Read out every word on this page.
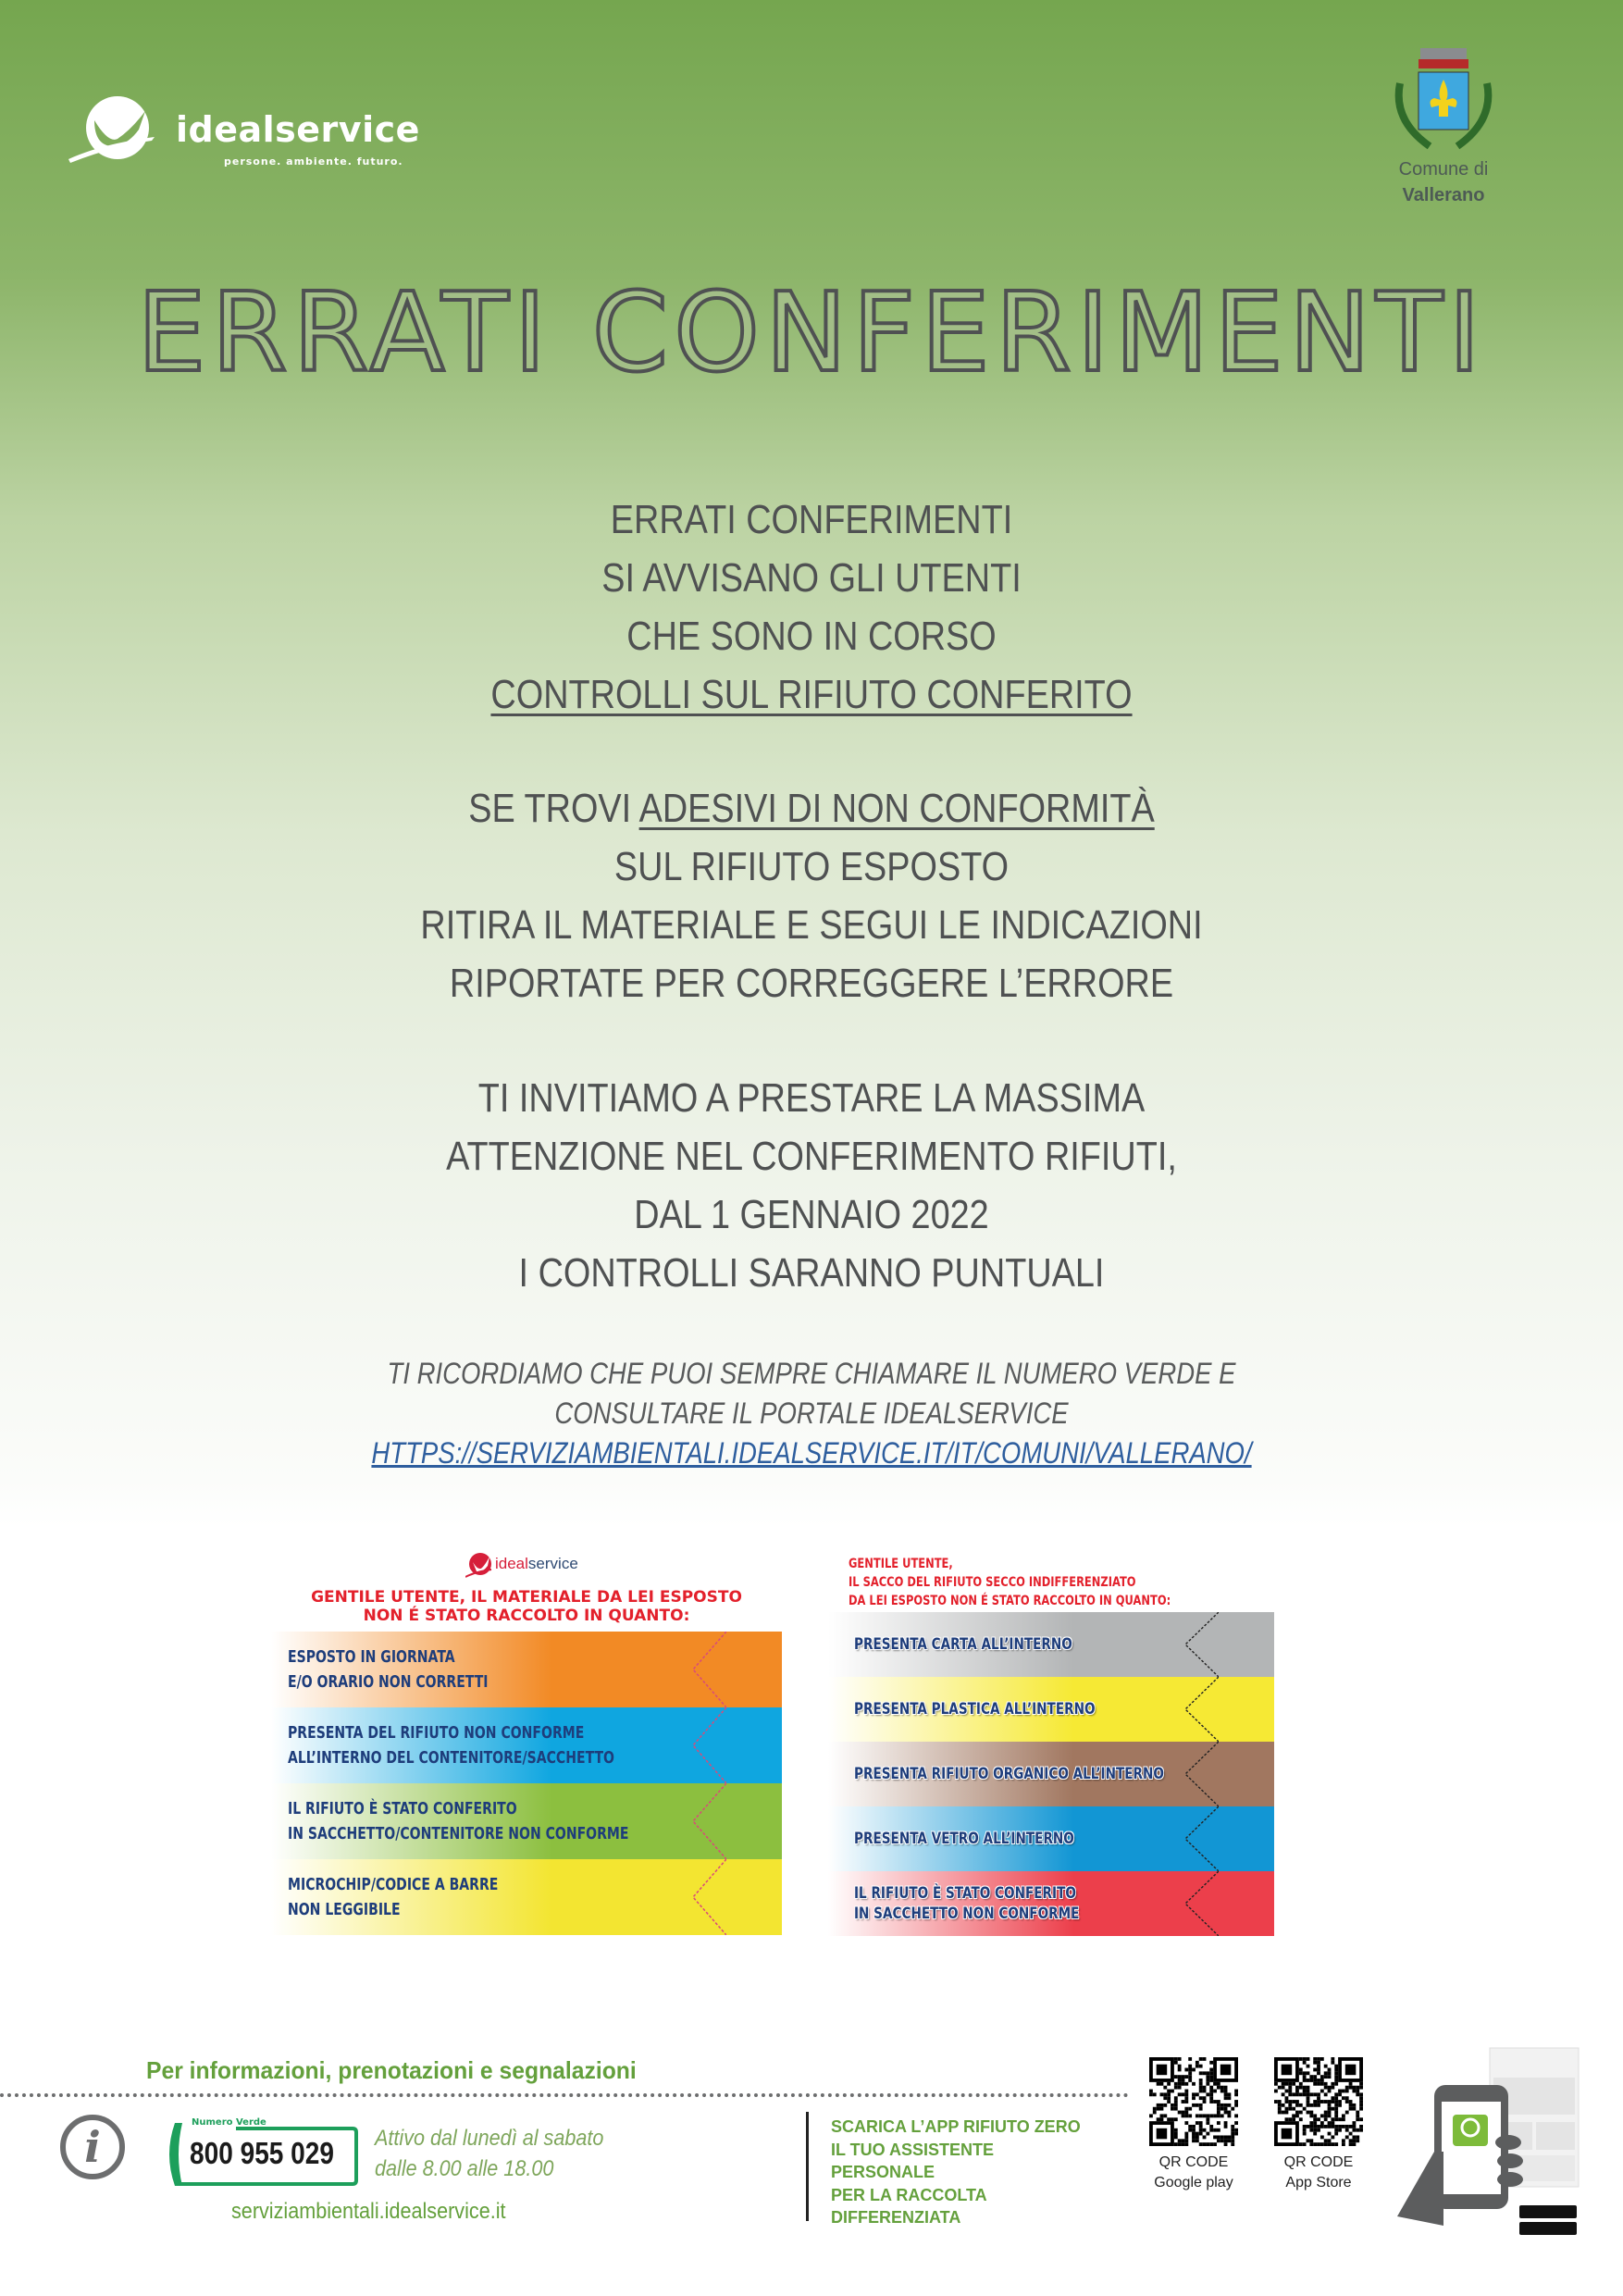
idealservice
persone. ambiente. futuro.	Comune di
Vallerano
ERRATI CONFERIMENTI
ERRATI CONFERIMENTI
SI AVVISANO GLI UTENTI
CHE SONO IN CORSO
CONTROLLI SUL RIFIUTO CONFERITO
SE TROVI ADESIVI DI NON CONFORMITÀ
SUL RIFIUTO ESPOSTO
RITIRA IL MATERIALE E SEGUI LE INDICAZIONI
RIPORTATE PER CORREGGERE L’ERRORE
TI INVITIAMO A PRESTARE LA MASSIMA
ATTENZIONE NEL CONFERIMENTO RIFIUTI,
DAL 1 GENNAIO 2022
I CONTROLLI SARANNO PUNTUALI
TI RICORDIAMO CHE PUOI SEMPRE CHIAMARE IL NUMERO VERDE E
CONSULTARE IL PORTALE IDEALSERVICE
HTTPS://SERVIZIAMBIENTALI.IDEALSERVICE.IT/IT/COMUNI/VALLERANO/
idealservice
GENTILE UTENTE, IL MATERIALE DA LEI ESPOSTO
NON É STATO RACCOLTO IN QUANTO:
ESPOSTO IN GIORNATA
E/O ORARIO NON CORRETTI
PRESENTA DEL RIFIUTO NON CONFORME
ALL’INTERNO DEL CONTENITORE/SACCHETTO
IL RIFIUTO È STATO CONFERITO
IN SACCHETTO/CONTENITORE NON CONFORME
MICROCHIP/CODICE A BARRE
NON LEGGIBILE
GENTILE UTENTE,
IL SACCO DEL RIFIUTO SECCO INDIFFERENZIATO
DA LEI ESPOSTO NON É STATO RACCOLTO IN QUANTO:
PRESENTA CARTA ALL’INTERNO
PRESENTA PLASTICA ALL’INTERNO
PRESENTA RIFIUTO ORGANICO ALL’INTERNO
PRESENTA VETRO ALL’INTERNO
IL RIFIUTO È STATO CONFERITO
IN SACCHETTO NON CONFORME
Per informazioni, prenotazioni e segnalazioni
i	Numero Verde
800 955 029 Attivo dal lunedì al sabato
dalle 8.00 alle 18.00
serviziambientali.idealservice.it
SCARICA L’APP RIFIUTO ZERO
IL TUO ASSISTENTE
PERSONALE
PER LA RACCOLTA
DIFFERENZIATA
QR CODE
Google play
QR CODE
App Store
